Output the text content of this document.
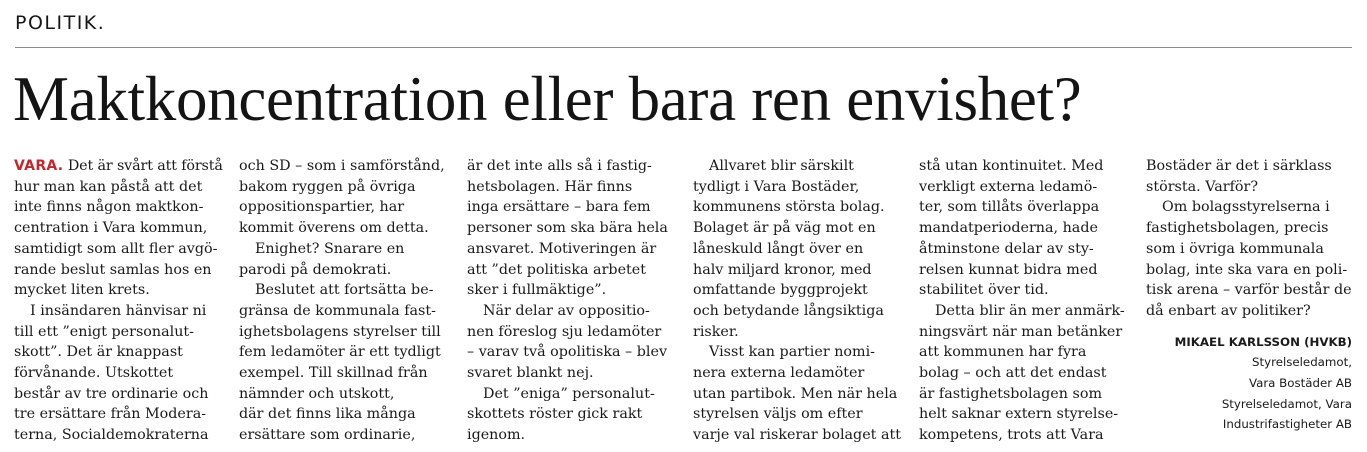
POLITIK.
Maktkoncentration eller bara ren envishet?
VARA. Det är svårt att förstå
hur man kan påstå att det
inte finns någon maktkon-
centration i Vara kommun,
samtidigt som allt fler avgö-
rande beslut samlas hos en
mycket liten krets.
I insändaren hänvisar ni
till ett ”enigt personalut-
skott”. Det är knappast
förvånande. Utskottet
består av tre ordinarie och
tre ersättare från Modera-
terna, Socialdemokraterna
och SD – som i samförstånd,
bakom ryggen på övriga
oppositionspartier, har
kommit överens om detta.
Enighet? Snarare en
parodi på demokrati.
Beslutet att fortsätta be-
gränsa de kommunala fast-
ighetsbolagens styrelser till
fem ledamöter är ett tydligt
exempel. Till skillnad från
nämnder och utskott,
där det finns lika många
ersättare som ordinarie,
är det inte alls så i fastig-
hetsbolagen. Här finns
inga ersättare – bara fem
personer som ska bära hela
ansvaret. Motiveringen är
att ”det politiska arbetet
sker i fullmäktige”.
När delar av oppositio-
nen föreslog sju ledamöter
– varav två opolitiska – blev
svaret blankt nej.
Det ”eniga” personalut-
skottets röster gick rakt
igenom.
Allvaret blir särskilt
tydligt i Vara Bostäder,
kommunens största bolag.
Bolaget är på väg mot en
låneskuld långt över en
halv miljard kronor, med
omfattande byggprojekt
och betydande långsiktiga
risker.
Visst kan partier nomi-
nera externa ledamöter
utan partibok. Men när hela
styrelsen väljs om efter
varje val riskerar bolaget att
stå utan kontinuitet. Med
verkligt externa ledamö-
ter, som tillåts överlappa
mandatperioderna, hade
åtminstone delar av sty-
relsen kunnat bidra med
stabilitet över tid.
Detta blir än mer anmärk-
ningsvärt när man betänker
att kommunen har fyra
bolag – och att det endast
är fastighetsbolagen som
helt saknar extern styrelse-
kompetens, trots att Vara
Bostäder är det i särklass
största. Varför?
Om bolagsstyrelserna i
fastighetsbolagen, precis
som i övriga kommunala
bolag, inte ska vara en poli-
tisk arena – varför består de
då enbart av politiker?
MIKAEL KARLSSON (HVKB)
Styrelseledamot,
Vara Bostäder AB
Styrelseledamot, Vara
Industrifastigheter AB
